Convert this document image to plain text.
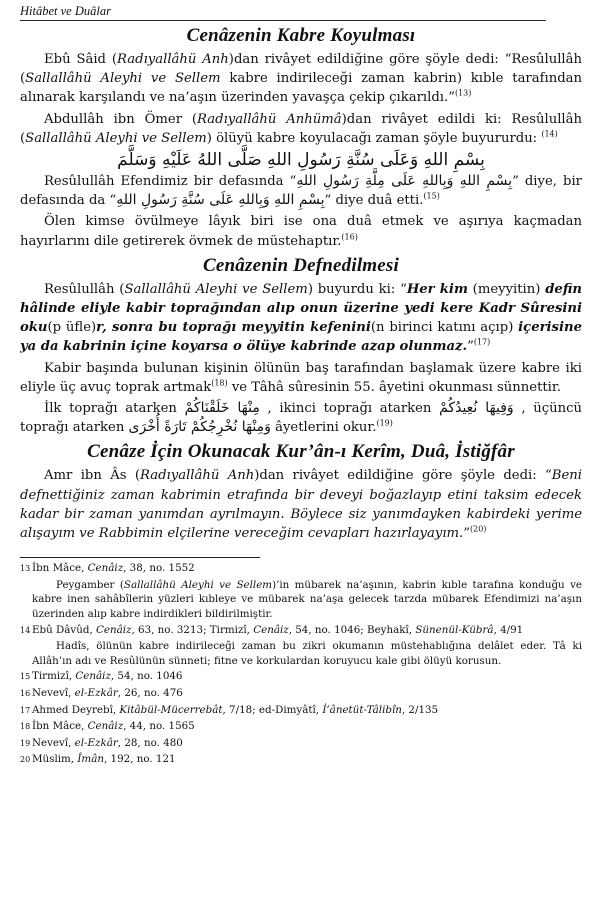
Hitâbet ve Duâlar
Cenâzenin Kabre Koyulması

Ebû Sâid (Radıyallâhü Anh)dan rivâyet edildiğine göre şöyle dedi: “Resûlullâh (Sallallâhü Aleyhi ve Sellem kabre indirileceği zaman kabrin) kıble tarafından alınarak karşılandı ve na’aşın üzerinden yavaşça çekip çıkarıldı.”$^{(13)}$

Abdullâh ibn Ömer (Radıyallâhü Anhümâ)dan rivâyet edildi ki: Resûlullâh (Sallallâhü Aleyhi ve Sellem) ölüyü kabre koyulacağı zaman şöyle buyururdu: $^{(14)}$

بِسْمِ اللهِ وَعَلَى سُنَّةِ رَسُولِ اللهِ صَلَّى اللهُ عَلَيْهِ وَسَلَّمَ

Resûlullâh Efendimiz bir defasında “بِسْمِ اللهِ وَبِاللهِ عَلَى مِلَّةِ رَسُولِ اللهِ” diye, bir defasında da “بِسْمِ اللهِ وَبِاللهِ عَلَى سُنَّةِ رَسُولِ اللهِ” diye duâ etti.$^{(15)}$

Ölen kimse övülmeye lâyık biri ise ona duâ etmek ve aşırıya kaçmadan hayırlarını dile getirerek övmek de müstehaptır.$^{(16)}$

Cenâzenin Defnedilmesi

Resûlullâh (Sallallâhü Aleyhi ve Sellem) buyurdu ki: “Her kim (meyyitin) defin hâlinde eliyle kabir toprağından alıp onun üzerine yedi kere Kadr Sûresini oku(p üfle)r, sonra bu toprağı meyyitin kefenini(n birinci katını açıp) içerisine ya da kabrinin içine koyarsa o ölüye kabrinde azap olunmaz.”$^{(17)}$

Kabir başında bulunan kişinin ölünün baş tarafından başlamak üzere kabre iki eliyle üç avuç toprak artmak$^{(18)}$ ve Tâhâ sûresinin 55. âyetini okunması sünnettir.

İlk toprağı atarken مِنْهَا خَلَقْنَاكُمْ , ikinci toprağı atarken وَفِيهَا نُعِيدُكُمْ , üçüncü toprağı atarken وَمِنْهَا نُخْرِجُكُمْ تَارَةً أُخْرَى âyetlerini okur.$^{(19)}$

Cenâze İçin Okunacak Kur’ân-ı Kerîm, Duâ, İstiğfâr

Amr ibn Âs (Radıyallâhü Anh)dan rivâyet edildiğine göre şöyle dedi: “Beni defnettiğiniz zaman kabrimin etrafında bir deveyi boğazlayıp etini taksim edecek kadar bir zaman yanımdan ayrılmayın. Böylece siz yanımdayken kabirdeki yerime alışayım ve Rabbimin elçilerine vereceğim cevapları hazırlayayım.”$^{(20)}$

13 İbn Mâce, Cenâiz, 38, no. 1552

Peygamber (Sallallâhü Aleyhi ve Sellem)’in mübarek na’aşının, kabrin kıble tarafına konduğu ve kabre inen sahâbîlerin yüzleri kıbleye ve mübarek na’aşa gelecek tarzda mübarek Efendimizi na’aşın üzerinden alıp kabre indirdikleri bildirilmiştir.

14 Ebû Dâvûd, Cenâiz, 63, no. 3213; Tirmizî, Cenâiz, 54, no. 1046; Beyhakî, Sünenül-Kübrâ, 4/91

Hadîs, ölünün kabre indirileceği zaman bu zikri okumanın müstehablığına delâlet eder. Tâ ki Allâh’ın adı ve Resûlünün sünneti; fitne ve korkulardan koruyucu kale gibi ölüyü korusun.

15 Tirmizî, Cenâiz, 54, no. 1046

16 Nevevî, el-Ezkâr, 26, no. 476

17 Ahmed Deyrebî, Kitâbül-Mücerrebât, 7/18; ed-Dimyâtî, İ’ânetüt-Tâlibîn, 2/135

18 İbn Mâce, Cenâiz, 44, no. 1565

19 Nevevî, el-Ezkâr, 28, no. 480

20 Müslim, Îmân, 192, no. 121
